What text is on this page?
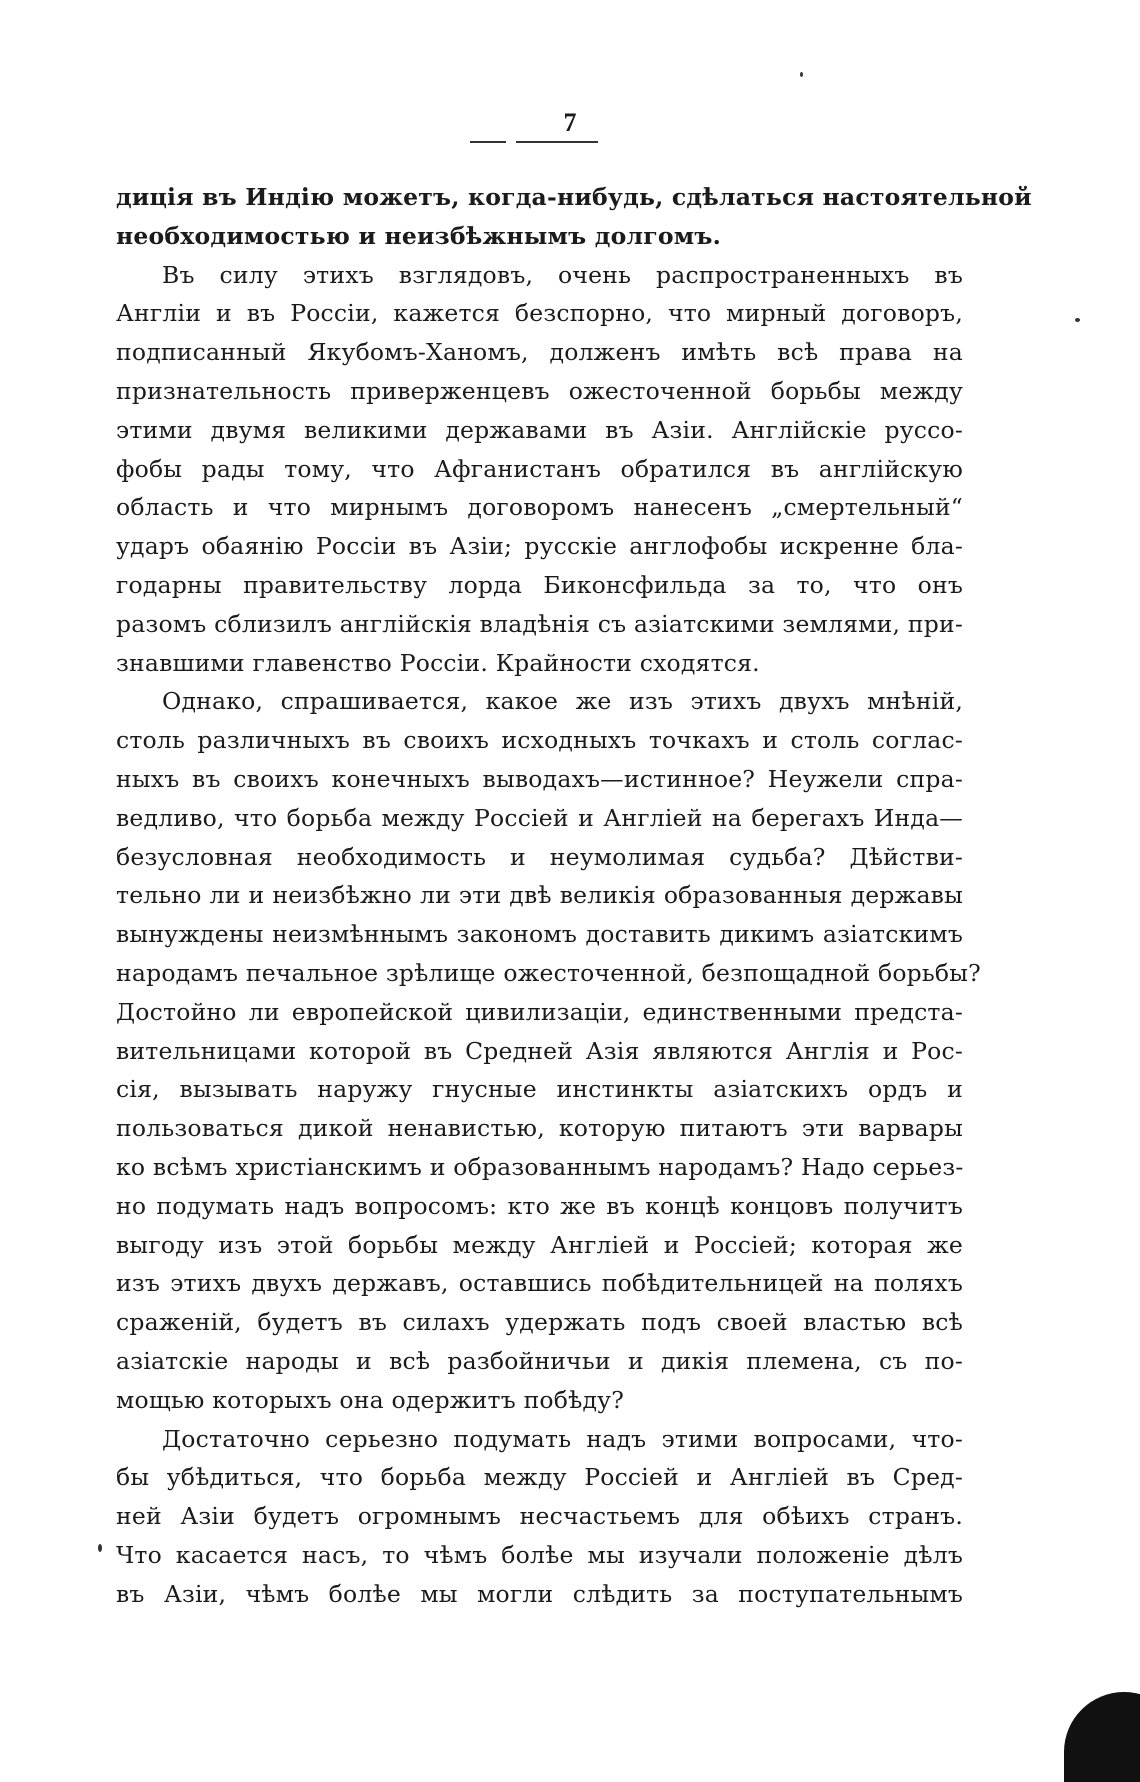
7
диція въ Индію можетъ, когда-нибудь, сдѣлаться настоятельной
необходимостью и неизбѣжнымъ долгомъ.
Въ силу этихъ взглядовъ, очень распространенныхъ въ
Англіи и въ Россіи, кажется безспорно, что мирный договоръ,
подписанный Якубомъ-Ханомъ, долженъ имѣть всѣ права на
признательность приверженцевъ ожесточенной борьбы между
этими двумя великими державами въ Азіи. Англійскіе руссо-
фобы рады тому, что Афганистанъ обратился въ англійскую
область и что мирнымъ договоромъ нанесенъ „смертельный“
ударъ обаянію Россіи въ Азіи; русскіе англофобы искренне бла-
годарны правительству лорда Биконсфильда за то, что онъ
разомъ сблизилъ англійскія владѣнія съ азіатскими землями, при-
знавшими главенство Россіи. Крайности сходятся.
Однако, спрашивается, какое же изъ этихъ двухъ мнѣній,
столь различныхъ въ своихъ исходныхъ точкахъ и столь соглас-
ныхъ въ своихъ конечныхъ выводахъ—истинное? Неужели спра-
ведливо, что борьба между Россіей и Англіей на берегахъ Инда—
безусловная необходимость и неумолимая судьба? Дѣйстви-
тельно ли и неизбѣжно ли эти двѣ великія образованныя державы
вынуждены неизмѣннымъ закономъ доставить дикимъ азіатскимъ
народамъ печальное зрѣлище ожесточенной, безпощадной борьбы?
Достойно ли европейской цивилизаціи, единственными предста-
вительницами которой въ Средней Азія являются Англія и Рос-
сія, вызывать наружу гнусные инстинкты азіатскихъ ордъ и
пользоваться дикой ненавистью, которую питаютъ эти варвары
ко всѣмъ христіанскимъ и образованнымъ народамъ? Надо серьез-
но подумать надъ вопросомъ: кто же въ концѣ концовъ получитъ
выгоду изъ этой борьбы между Англіей и Россіей; которая же
изъ этихъ двухъ державъ, оставшись побѣдительницей на поляхъ
сраженій, будетъ въ силахъ удержать подъ своей властью всѣ
азіатскіе народы и всѣ разбойничьи и дикія племена, съ по-
мощью которыхъ она одержитъ побѣду?
Достаточно серьезно подумать надъ этими вопросами, что-
бы убѣдиться, что борьба между Россіей и Англіей въ Сред-
ней Азіи будетъ огромнымъ несчастьемъ для обѣихъ странъ.
Что касается насъ, то чѣмъ болѣе мы изучали положеніе дѣлъ
въ Азіи, чѣмъ болѣе мы могли слѣдить за поступательнымъ
